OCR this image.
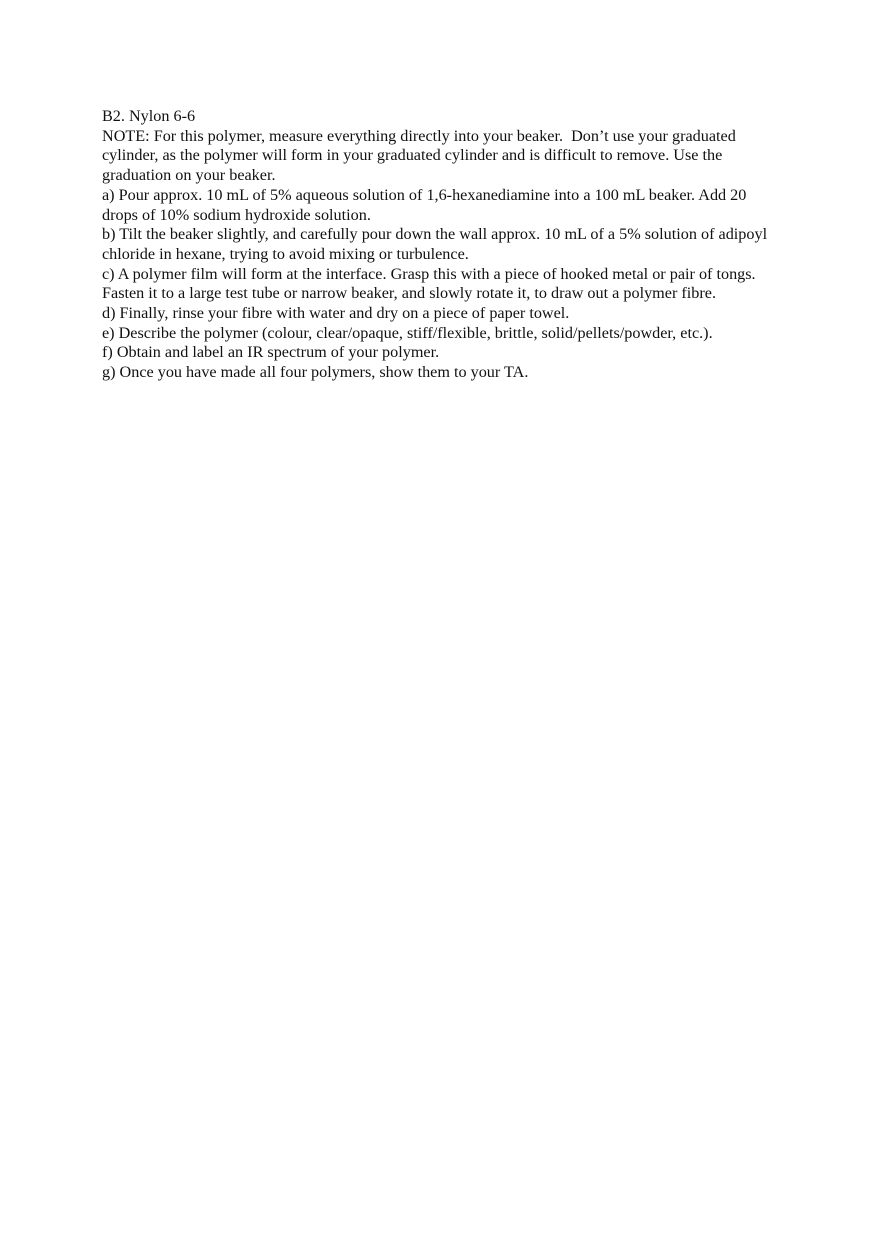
B2. Nylon 6-6

NOTE: For this polymer, measure everything directly into your beaker.  Don’t use your graduated cylinder, as the polymer will form in your graduated cylinder and is difficult to remove. Use the graduation on your beaker.

a) Pour approx. 10 mL of 5% aqueous solution of 1,6-hexanediamine into a 100 mL beaker. Add 20 drops of 10% sodium hydroxide solution.

b) Tilt the beaker slightly, and carefully pour down the wall approx. 10 mL of a 5% solution of adipoyl chloride in hexane, trying to avoid mixing or turbulence.

c) A polymer film will form at the interface. Grasp this with a piece of hooked metal or pair of tongs.  Fasten it to a large test tube or narrow beaker, and slowly rotate it, to draw out a polymer fibre.

d) Finally, rinse your fibre with water and dry on a piece of paper towel.

e) Describe the polymer (colour, clear/opaque, stiff/flexible, brittle, solid/pellets/powder, etc.).

f) Obtain and label an IR spectrum of your polymer.

g) Once you have made all four polymers, show them to your TA.
